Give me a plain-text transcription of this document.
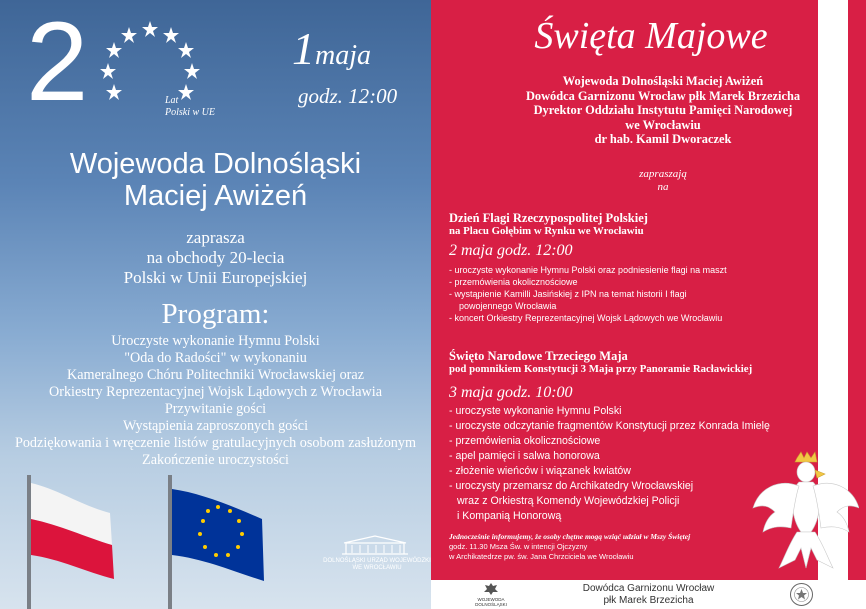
2	Lat
Polski w UE
1maja
godz. 12:00
Wojewoda Dolnośląski
Maciej Awiżeń
zaprasza
na obchody 20-lecia
Polski w Unii Europejskiej
Program:
Uroczyste wykonanie Hymnu Polski
"Oda do Radości" w wykonaniu
Kameralnego Chóru Politechniki Wrocławskiej oraz
Orkiestry Reprezentacyjnej Wojsk Lądowych z Wrocławia
Przywitanie gości
Wystąpienia zaproszonych gości
Podziękowania i wręczenie listów gratulacyjnych osobom zasłużonym
Zakończenie uroczystości
DOLNOŚLĄSKI URZĄD WOJEWÓDZKI
WE WROCŁAWIU
Święta Majowe
Wojewoda Dolnośląski Maciej Awiżeń
Dowódca Garnizonu Wrocław płk Marek Brzezicha
Dyrektor Oddziału Instytutu Pamięci Narodowej
we Wrocławiu
dr hab. Kamil Dworaczek
zapraszają
na
Dzień Flagi Rzeczypospolitej Polskiej
na Placu Gołębim w Rynku we Wrocławiu
2 maja godz. 12:00
- uroczyste wykonanie Hymnu Polski oraz podniesienie flagi na maszt
- przemówienia okolicznościowe
- wystąpienie Kamilli Jasińskiej z IPN na temat historii I flagi
powojennego Wrocławia
- koncert Orkiestry Reprezentacyjnej Wojsk Lądowych we Wrocławiu
Święto Narodowe Trzeciego Maja
pod pomnikiem Konstytucji 3 Maja przy Panoramie Racławickiej
3 maja godz. 10:00
- uroczyste wykonanie Hymnu Polski
- uroczyste odczytanie fragmentów Konstytucji przez Konrada Imielę
- przemówienia okolicznościowe
- apel pamięci i salwa honorowa
- złożenie wieńców i wiązanek kwiatów
- uroczysty przemarsz do Archikatedry Wrocławskiej
wraz z Orkiestrą Komendy Wojewódzkiej Policji
i Kompanią Honorową
Jednocześnie informujemy, że osoby chętne mogą wziąć udział w Mszy Świętej
godz. 11.30 Msza Św. w intencji Ojczyzny
w Archikatedrze pw. św. Jana Chrzciciela we Wrocławiu
WOJEWODA
DOLNOŚLĄSKI
Dowódca Garnizonu Wrocław
płk Marek Brzezicha
